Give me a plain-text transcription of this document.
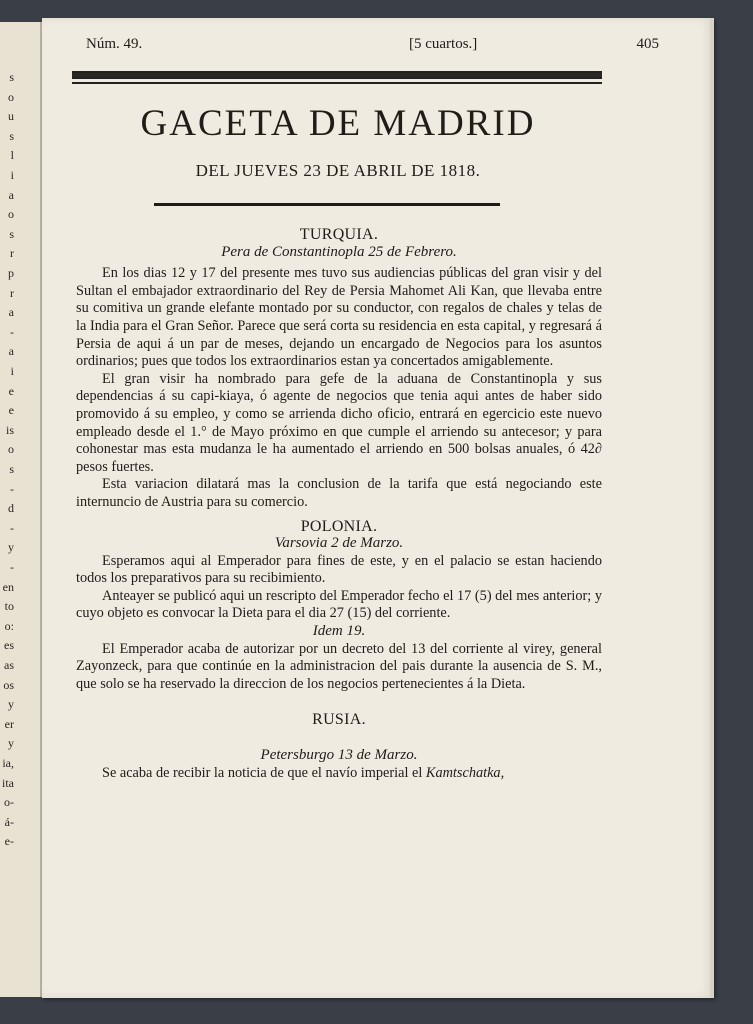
s
o
u
s
l
i
a
o
s
r
p
r
a
-
a
i
e
e
is
o
s
-
d
-
y
-
en
to
o:
es
as
os
y
er
y
ia,
ita
o-
á-
e-
Núm. 49.	[5 cuartos.]	405
GACETA DE MADRID
DEL JUEVES 23 DE ABRIL DE 1818.

TURQUIA.

Pera de Constantinopla 25 de Febrero.

En los dias 12 y 17 del presente mes tuvo sus audiencias públicas del gran visir y del Sultan el embajador extraordinario del Rey de Persia Mahomet Ali Kan, que llevaba entre su comitiva un grande elefante montado por su conductor, con regalos de chales y telas de la India para el Gran Señor. Parece que será corta su residencia en esta capital, y regresará á Persia de aqui á un par de meses, dejando un encargado de Negocios para los asuntos ordinarios; pues que todos los extraordinarios estan ya concertados amigablemente.

El gran visir ha nombrado para gefe de la aduana de Constantinopla y sus dependencias á su capi-kiaya, ó agente de negocios que tenia aqui antes de haber sido promovido á su empleo, y como se arrienda dicho oficio, entrará en egercicio este nuevo empleado desde el 1.° de Mayo próximo en que cumple el arriendo su antecesor; y para cohonestar mas esta mudanza le ha aumentado el arriendo en 500 bolsas anuales, ó 42∂ pesos fuertes.

Esta variacion dilatará mas la conclusion de la tarifa que está negociando este internuncio de Austria para su comercio.

POLONIA.

Varsovia 2 de Marzo.

Esperamos aqui al Emperador para fines de este, y en el palacio se estan haciendo todos los preparativos para su recibimiento.

Anteayer se publicó aqui un rescripto del Emperador fecho el 17 (5) del mes anterior; y cuyo objeto es convocar la Dieta para el dia 27 (15) del corriente.

Idem 19.

El Emperador acaba de autorizar por un decreto del 13 del corriente al virey, general Zayonzeck, para que continúe en la administracion del pais durante la ausencia de S. M., que solo se ha reservado la direccion de los negocios pertenecientes á la Dieta.

RUSIA.

Petersburgo 13 de Marzo.

Se acaba de recibir la noticia de que el navío imperial el Kamtschatka,
